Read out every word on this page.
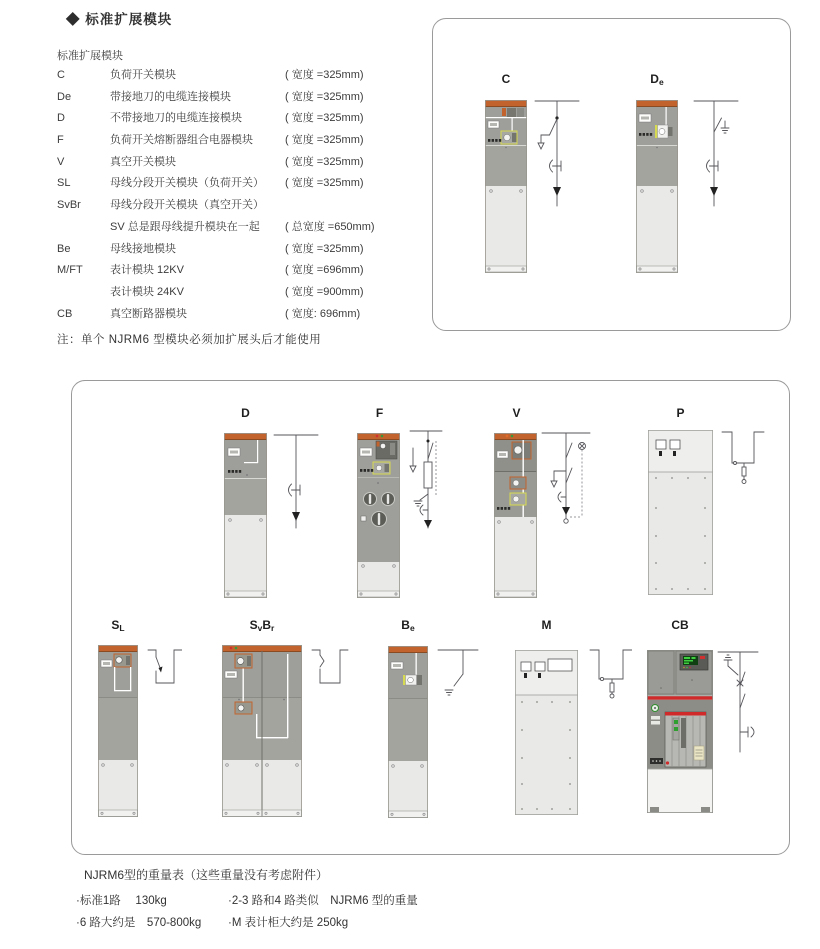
◆ 标准扩展模块
标准扩展模块
C	负荷开关模块	( 宽度 =325mm)
De	带接地刀的电缆连接模块	( 宽度 =325mm)
D	不带接地刀的电缆连接模块	( 宽度 =325mm)
F	负荷开关熔断器组合电器模块	( 宽度 =325mm)
V	真空开关模块	( 宽度 =325mm)
SL	母线分段开关模块（负荷开关）	( 宽度 =325mm)
SvBr	母线分段开关模块（真空开关）
SV 总是跟母线提升模块在一起	( 总宽度 =650mm)
Be	母线接地模块	( 宽度 =325mm)
M/FT	表计模块 12KV	( 宽度 =696mm)
表计模块 24KV	( 宽度 =900mm)
CB	真空断路器模块	( 宽度: 696mm)
注：单个 NJRM6 型模块必须加扩展头后才能使用
C	De
D	F	V	P
SL	SvBr	Be	M	CB
NJRM6型的重量表（这些重量没有考虑附件）
·标准1路　 130kg	·2-3 路和4 路类似　NJRM6 型的重量
·6 路大约是　570-800kg	·M 表计柜大约是 250kg
